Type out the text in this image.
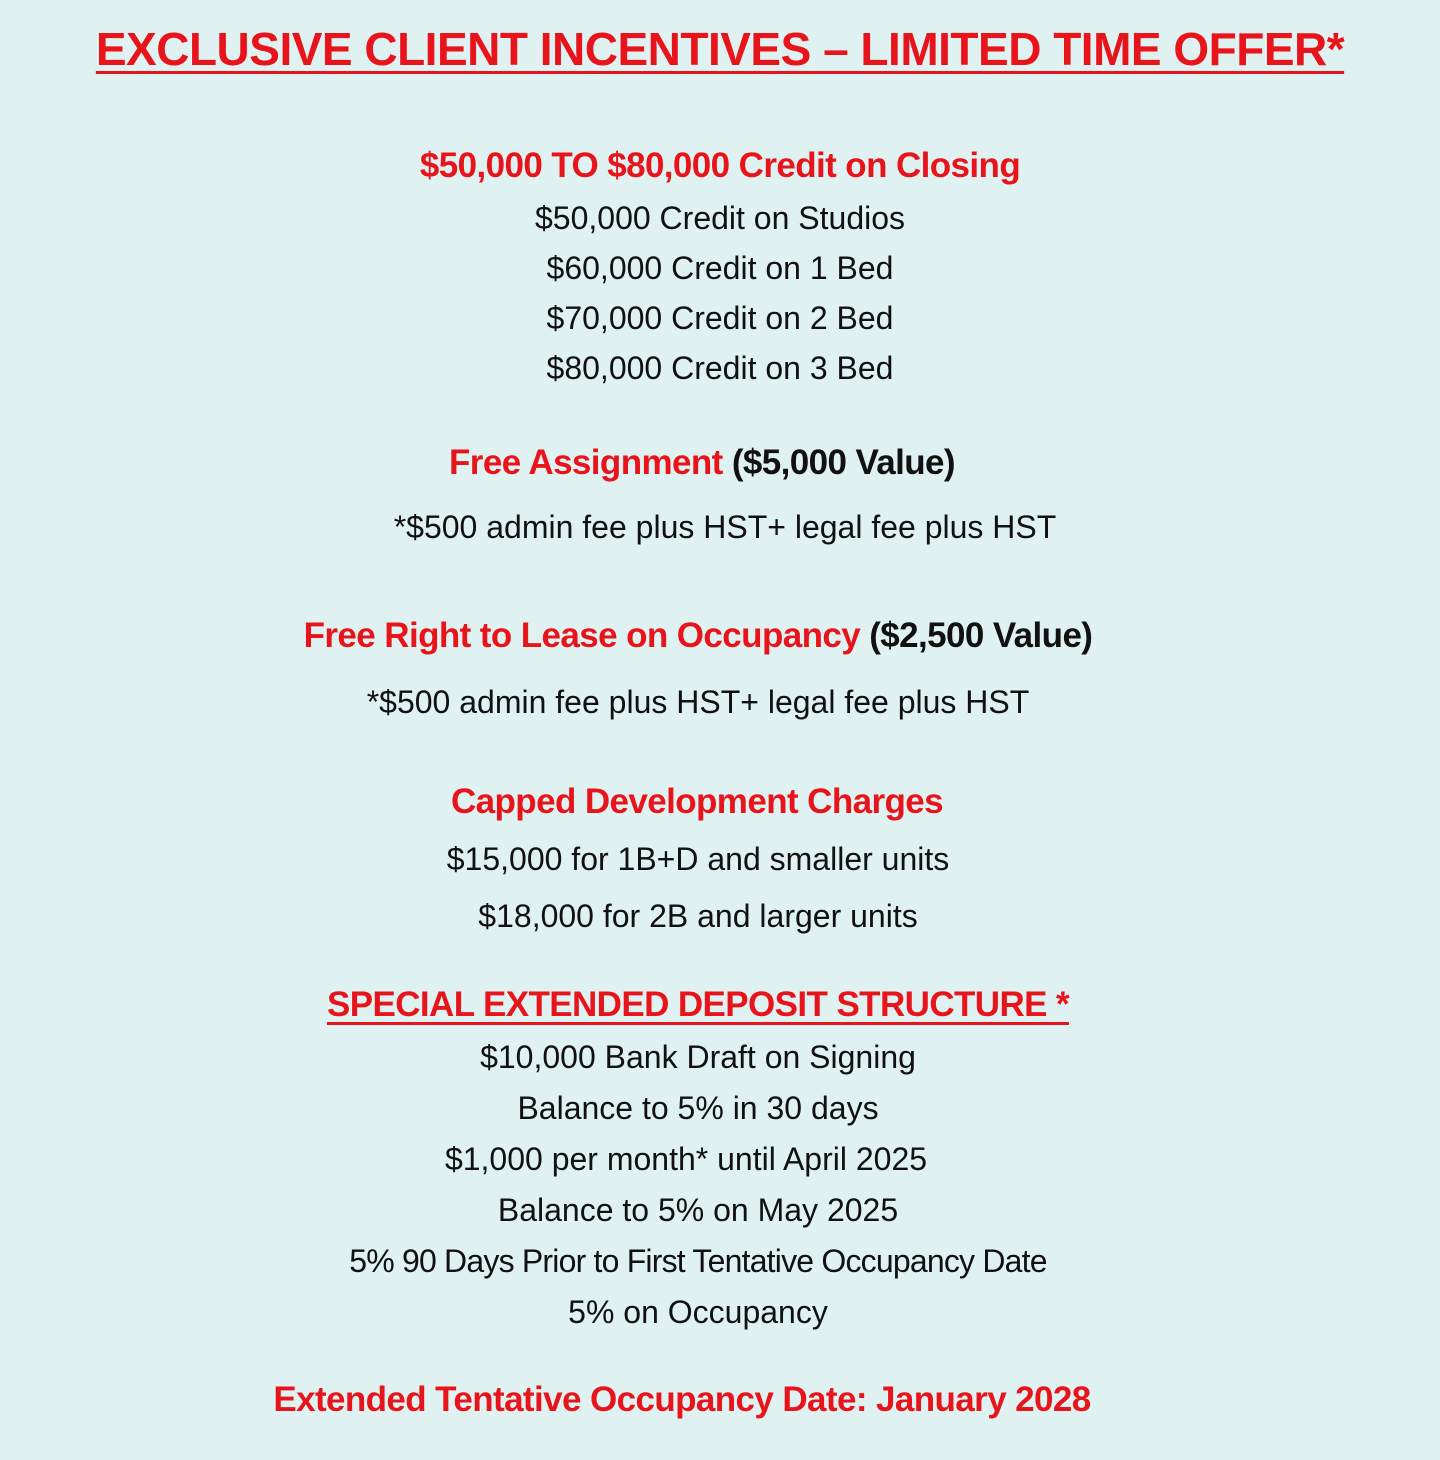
EXCLUSIVE CLIENT INCENTIVES – LIMITED TIME OFFER*
$50,000 TO $80,000 Credit on Closing
$50,000 Credit on Studios
$60,000 Credit on 1 Bed
$70,000 Credit on 2 Bed
$80,000 Credit on 3 Bed
Free Assignment ($5,000 Value)
*$500 admin fee plus HST+ legal fee plus HST
Free Right to Lease on Occupancy ($2,500 Value)
*$500 admin fee plus HST+ legal fee plus HST
Capped Development Charges
$15,000 for 1B+D and smaller units
$18,000 for 2B and larger units
SPECIAL EXTENDED DEPOSIT STRUCTURE *
$10,000 Bank Draft on Signing
Balance to 5% in 30 days
$1,000 per month* until April 2025
Balance to 5% on May 2025
5% 90 Days Prior to First Tentative Occupancy Date
5% on Occupancy
Extended Tentative Occupancy Date: January 2028
